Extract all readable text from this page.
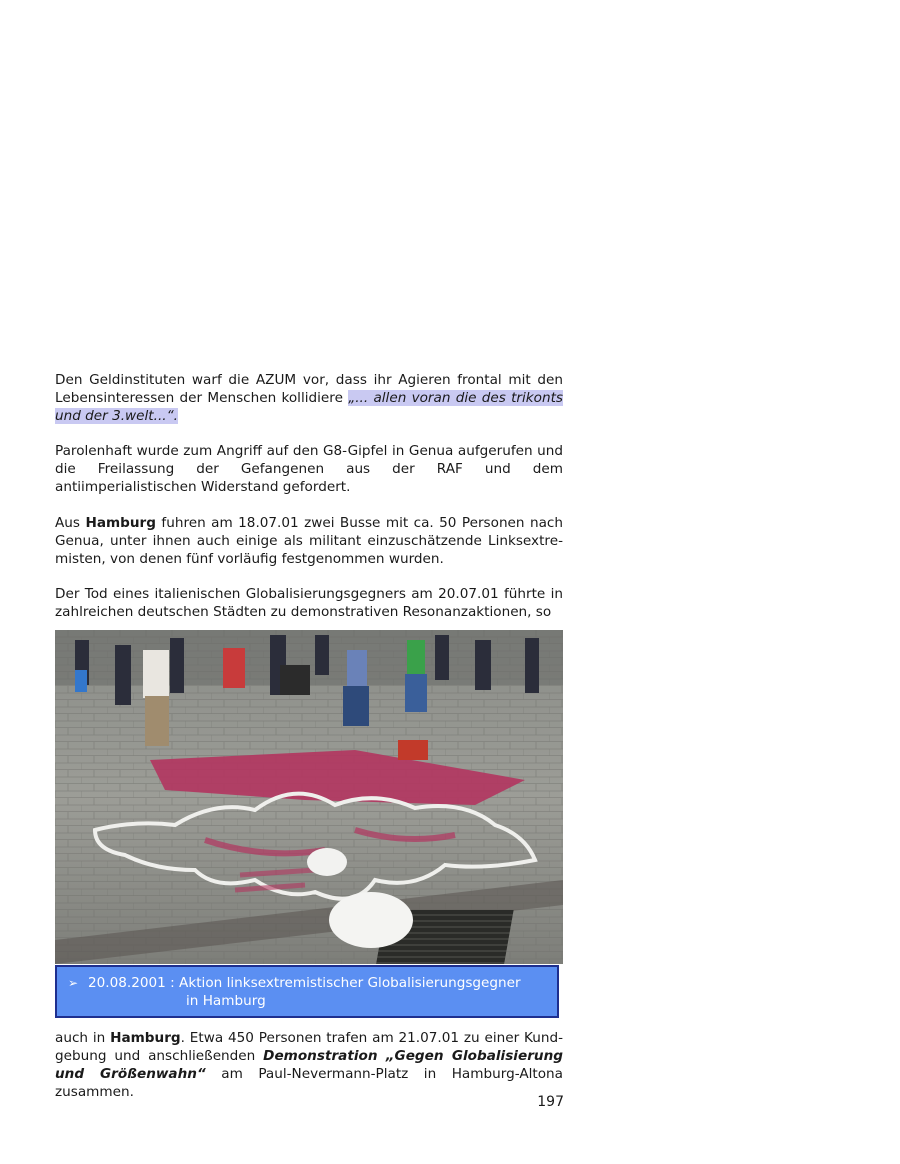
Den Geldinstituten warf die AZUM vor, dass ihr Agieren frontal mit den Lebensinteressen der Menschen kollidiere „... allen voran die des trikonts und der 3.welt...“.

Parolenhaft wurde zum Angriff auf den G8-Gipfel in Genua aufgerufen und die Freilassung der Gefangenen aus der RAF und dem antiimperialistischen Widerstand gefordert.

Aus Hamburg fuhren am 18.07.01 zwei Busse mit ca. 50 Personen nach Genua, unter ihnen auch einige als militant einzuschätzende Linksextre-misten, von denen fünf vorläufig festgenommen wurden.

Der Tod eines italienischen Globalisierungsgegners am 20.07.01 führte in zahlreichen deutschen Städten zu demonstrativen Resonanzaktionen, so

➢ 20.08.2001 : Aktion linksextremistischer Globalisierungsgegner
in Hamburg

auch in Hamburg. Etwa 450 Personen trafen am 21.07.01 zu einer Kund-gebung und anschließenden Demonstration „Gegen Globalisierung und Größenwahn“ am Paul-Nevermann-Platz in Hamburg-Altona zusammen.

197
